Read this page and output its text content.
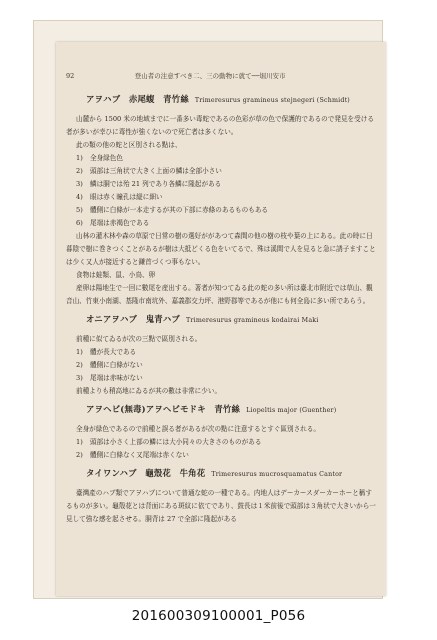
92	登山者の注意すべき二、三の動物に就て──堀川安市
アヲハブ　赤尾蝮　青竹絲 Trimeresurus gramineus stejnegeri (Schmidt)

山麓から 1500 米の地域までに一番多い毒蛇であるの色彩が草の色で保護的であるので発見を受ける者が多いが幸ひに毒性が強くないので死亡者は多くない。

此の類の他の蛇と区別される點は、

1) 全身緑色色
2) 頭部は三角状で大きく上面の鱗は全部小さい
3) 鱗は胴では殆 21 列であり各鱗に隆起がある
4) 眼は赤く瞳孔は縦に細い
5) 體側に白條が一本走するが其の下部に赤條のあるものもある
6) 尾端は赤褐色である

山林の灌木林や森の草原で日常の樹の選好ががあつて森間の他の樹の枝や葉の上にある。此の時に日暮陰で樹に巻きつくことがあるが樹は大抵どくる色をいてるで、殊は溪間で人を見ると急に誘子ますことは少く又人が接近すると鎌首づくつ事もない。

食物は蛙類、鼠、小鳥、卵

産卵は陽地生で一回に數尾を産出する。著者が知つてゐる此の蛇の多い所は臺北市附近では草山、觀音山、竹東小南湖、基隆市南坑外、嘉義郡交力坪、港野郡等であるが他にも何全島に多い所であらう。

オニアヲハブ　鬼青ハブ Trimeresurus gramineus kodairai Maki

前種に似てゐるが次の三點で區別される。

1) 體が長大である
2) 體側に白條がない
3) 尾端は赤味がない

前種よりも稍高地にゐるが其の數は非常に少い。

アヲヘビ(無毒)アヲヘビモドキ　青竹絲 Liopeltis major (Guenther)

全身が緑色であるので前種と誤る者があるが次の點に注意するとすぐ區別される。

1) 頭部は小さく上部の鱗には大小同々の大きさのものがある
2) 體側に白條なく又尾端は赤くない
タイワンハブ　龜殼花　牛角花 Trimeresurus mucrosquamatus Cantor

臺灣產のハブ類でアヲハブについて普通な蛇の一種である。内地人はデーカースダーカーホーと稱するものが多い。龜殼花とは背面にある斑紋に依てであり、鼓長は１米前後で頭部は３角状で大きいから一見して強な感を起させる。胴背は 27 で全部に隆起がある

201600309100001_P056
